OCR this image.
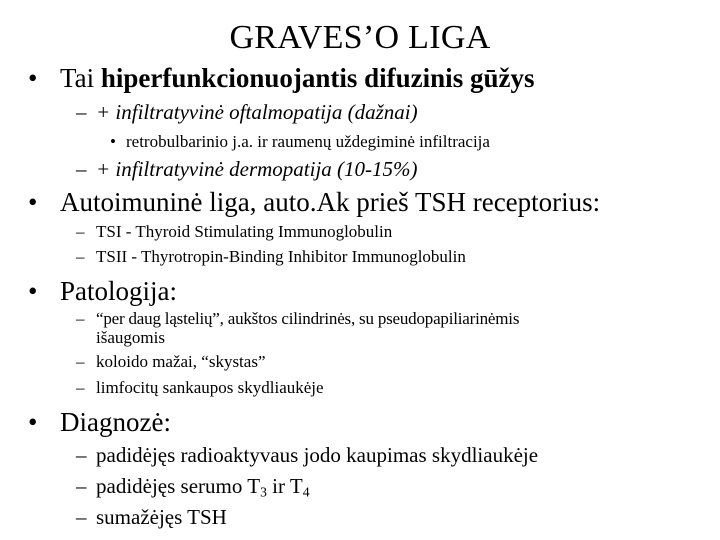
GRAVES’O LIGA
• Tai hiperfunkcionuojantis difuzinis gūžys
– + infiltratyvinė oftalmopatija (dažnai)
• retrobulbarinio j.a. ir raumenų uždegiminė infiltracija
– + infiltratyvinė dermopatija (10-15%)
• Autoimuninė liga, auto.Ak prieš TSH receptorius:
– TSI - Thyroid Stimulating Immunoglobulin
– TSII - Thyrotropin-Binding Inhibitor Immunoglobulin
• Patologija:
– “per daug ląstelių”, aukštos cilindrinės, su pseudopapiliarinėmis
išaugomis
– koloido mažai, “skystas”
– limfocitų sankaupos skydliaukėje
• Diagnozė:
– padidėjęs radioaktyvaus jodo kaupimas skydliaukėje
– padidėjęs serumo $T_3$ ir $T_4$
– sumažėjęs TSH
